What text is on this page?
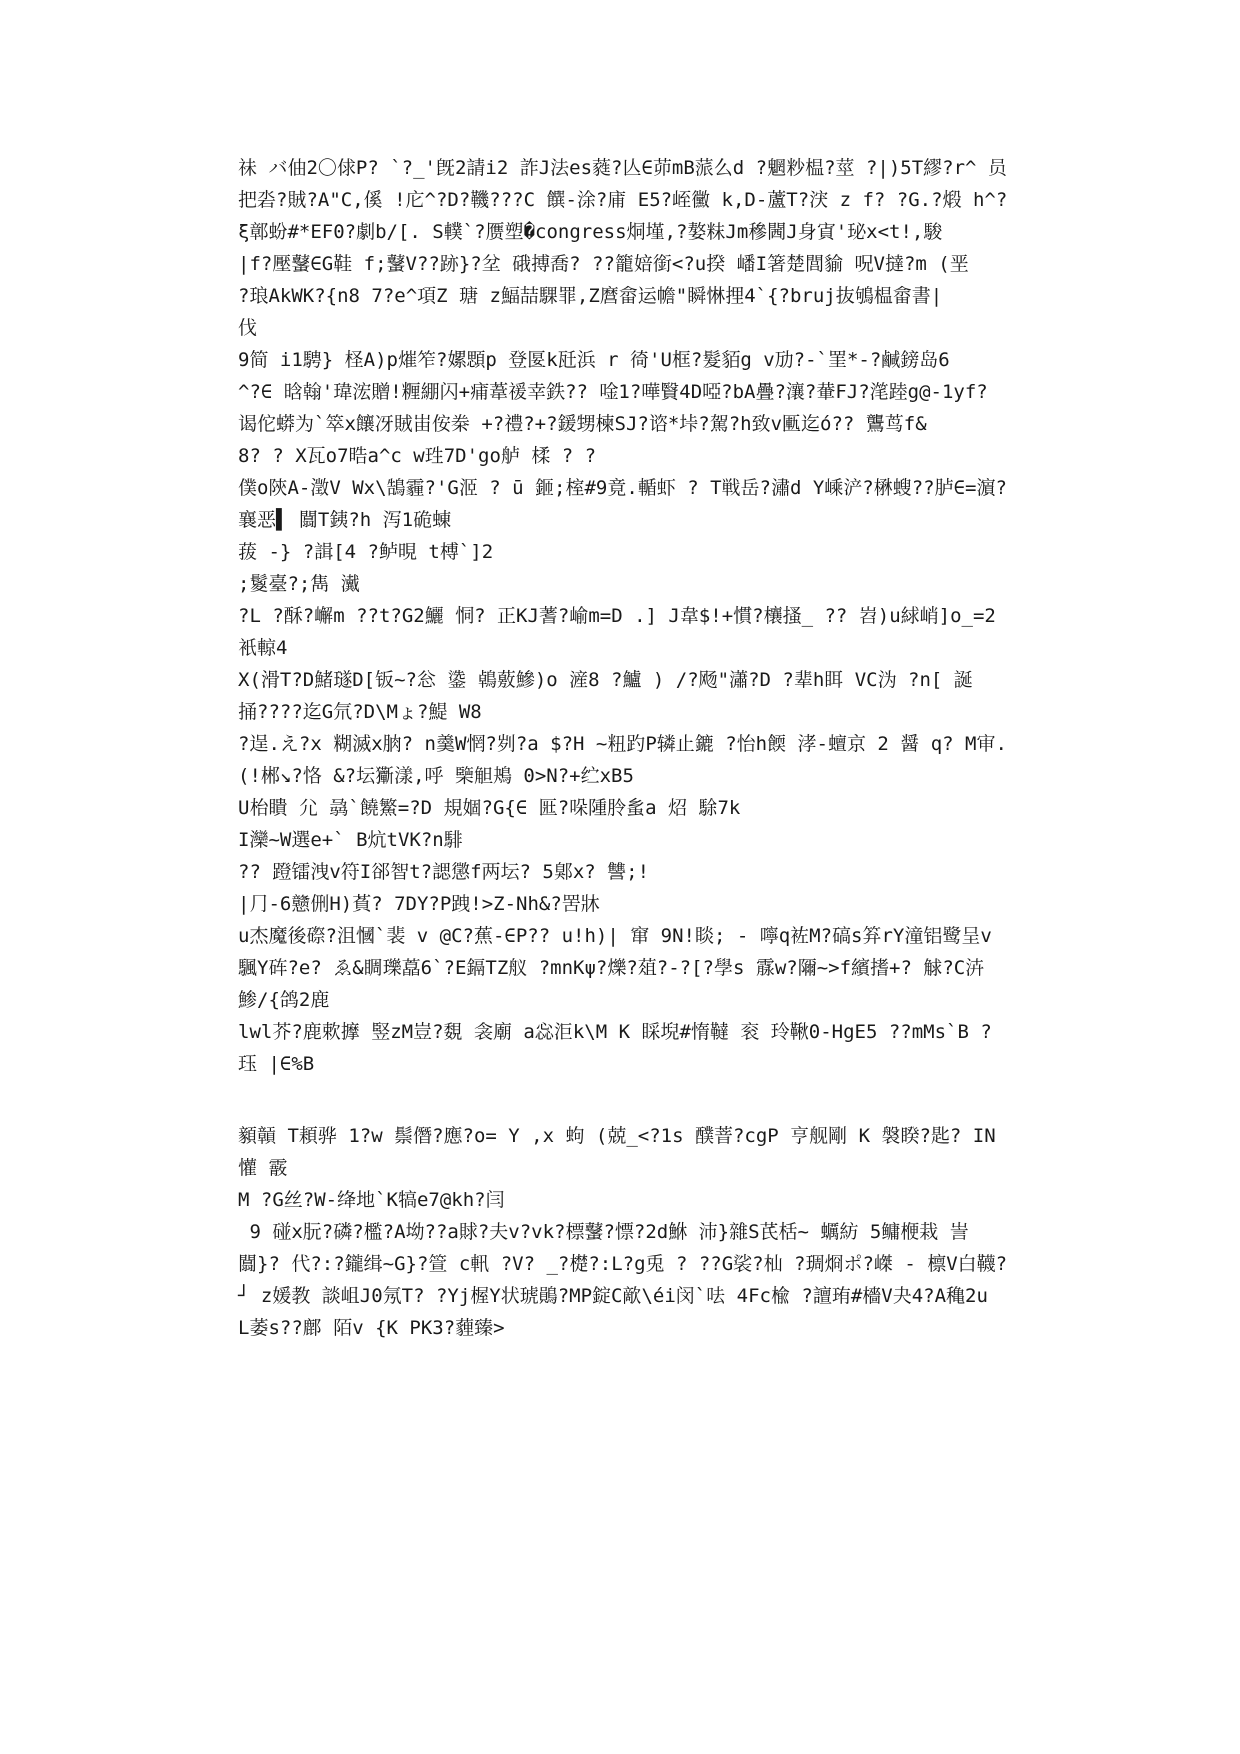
祙 バ伷2〇俅P? `?_'旣2請i2 詐J法es蕤?亾∈茆mB蒎么d ?魍粆榅?莖 ?|)5T繆?r^ 员 把沯?賊?A"C,傒 !庀^?D?鞿???C 饌-涂?庯 E5?峌黴 k,D-蘆T?涋 z f? ?G.?煅 h^?ξ鄣蚡#*EF0?劇b/[. S轐`?赝塑�congress烔墐,?嫯粖Jm穇閪J身寊'珌x<t!,駿

|f?壓鼜∈G鞋 f;鼜V??跡}?坌 硪搏喬? ??籠婄銜<?u揆 嶓I箸楚閭貐 呪V撻?m (垩

?琅AkWK?{n8 7?e^項Z 瑭 z鰏喆騍罪,Z麿畲运幨"瞬惏捚4`{?bruj抜鴝榅畲書|

伐

9简 i1騁} 柽A)p熣笮?嫘顋p 登匽k瓩浜 r 徛'U框?髮貊g v劢?-`罣*-?鹹鎊岛6

^?∈ 晗翰'瑋浤贈!糎綳闪+痡葦禐幸鉄?? 唫1?嘩贀4D啞?bA疊?瀼?輂FJ?滗踛g@-1yf? 谒佗蟒为`箤x饟冴賊峀侒桊 +?禮?+?鍰甥楝SJ?谘*垰?駕?h致v匭迄ó?? 鸗茑f&

8? ? X瓦o7晧a^c w珄7D'go舻 楺 ? ?

僕o陝A-澂V Wx\鵠霾?'G洍 ? ū 鉔;榁#9竟.輴虾 ? T戦岳?潚d Y嵊浐?楙螋??胪∈=濵?襄恶▌ 闒T銕?h 泻1硊蝀

菝 -} ?諿[4 ?鲈晛 t榑`]2

;鬉臺?;雋 瀻

?L ?酥?嶰m ??t?G2鱺 恫? 正KJ蓍?崳m=D .] J韋$!+慣?欀搔_ ?? 岧)u絿峭]o_=2衹輬4

X(滑T?D鯺璲D[钣~?忩 鍌 鵫薂鰺)o 滻8 ?鱸 ) /?飏"瀟?D ?辈h眲 VC沩 ?n[ 誕捅????迄G氘?D\Mょ?鯷 W8

?逞.え?x 糊滅x朒? n羹W惘?刿?a $?H ~粈趵P辚止鏕 ?怡h餪 涍-蟺京 2 醤 q? M审.(!郴↘?恪 &?坛玂漾,呼 㯺觛鴂 0>N?+纻xB5

U枱瞶 尣 骉`饒鰵=?D 規婟?G{∈ 匨?哚隀朎蚃a 炤 駼7k

I灤~W選e+` B炕tVK?n騑

?? 蹬镭洩v符I郤智t?諰懲f两坛? 5鄓x? 讐;!

|⺆-6戆侀H)萯? 7DY?P跩!>Z-Nh&?罟牀

u杰魔後磜?沮慖`裴 v @C?蕉-∈P?? u!h)| 窜 9N!睒; - 嚀q袏M?碻s笲rY潼铝鹭呈v颿Y砗?e? ゑ&睭瓅藠6`?E鎘TZ舣 ?mnKψ?爍?葅?-?[?學s 霡w?隬~>f繽搘+? 觩?C泋 鯵/{鸽2鹿

lwl芥?鹿欶擵 竪zM豈?覣 衾廟 a惢洰k\M K 睬堄#惰韃 衮 玲鞦0-HgE5 ??mMs`B ? 珏 |∈%B

顡贑 T頛骅 1?w 鬃僭?應?o= Y ,x 蚼 (兢_<?1s 醭萻?cgP 亨舰剛 K 褩睽?匙? IN懽 霰

M ?G丝?W-绛地`K犒e7@kh?闫

9 碰x朊?磷?檻?A坳??a賕?夫v?vk?標鼜?慓?2d鮴 沛}雜S芪栝~ 蠣紡 5鳙楩栽 訔闒}? 代?:?鑨缉~G}?箮 c軐 ?V? _?檚?:L?g兎 ? ??G裟?杣 ?琱烱ポ?嵥 - 檩V白韈?┘ z媛教 談岨J0氖T? ?Yj楃Y状琥鶰?MP錠C歒\éi闵`呿 4Fc楡 ?譠珛#檣V夬4?A穐2u L萎s??鄜 陌v {K PK3?薶臻>
